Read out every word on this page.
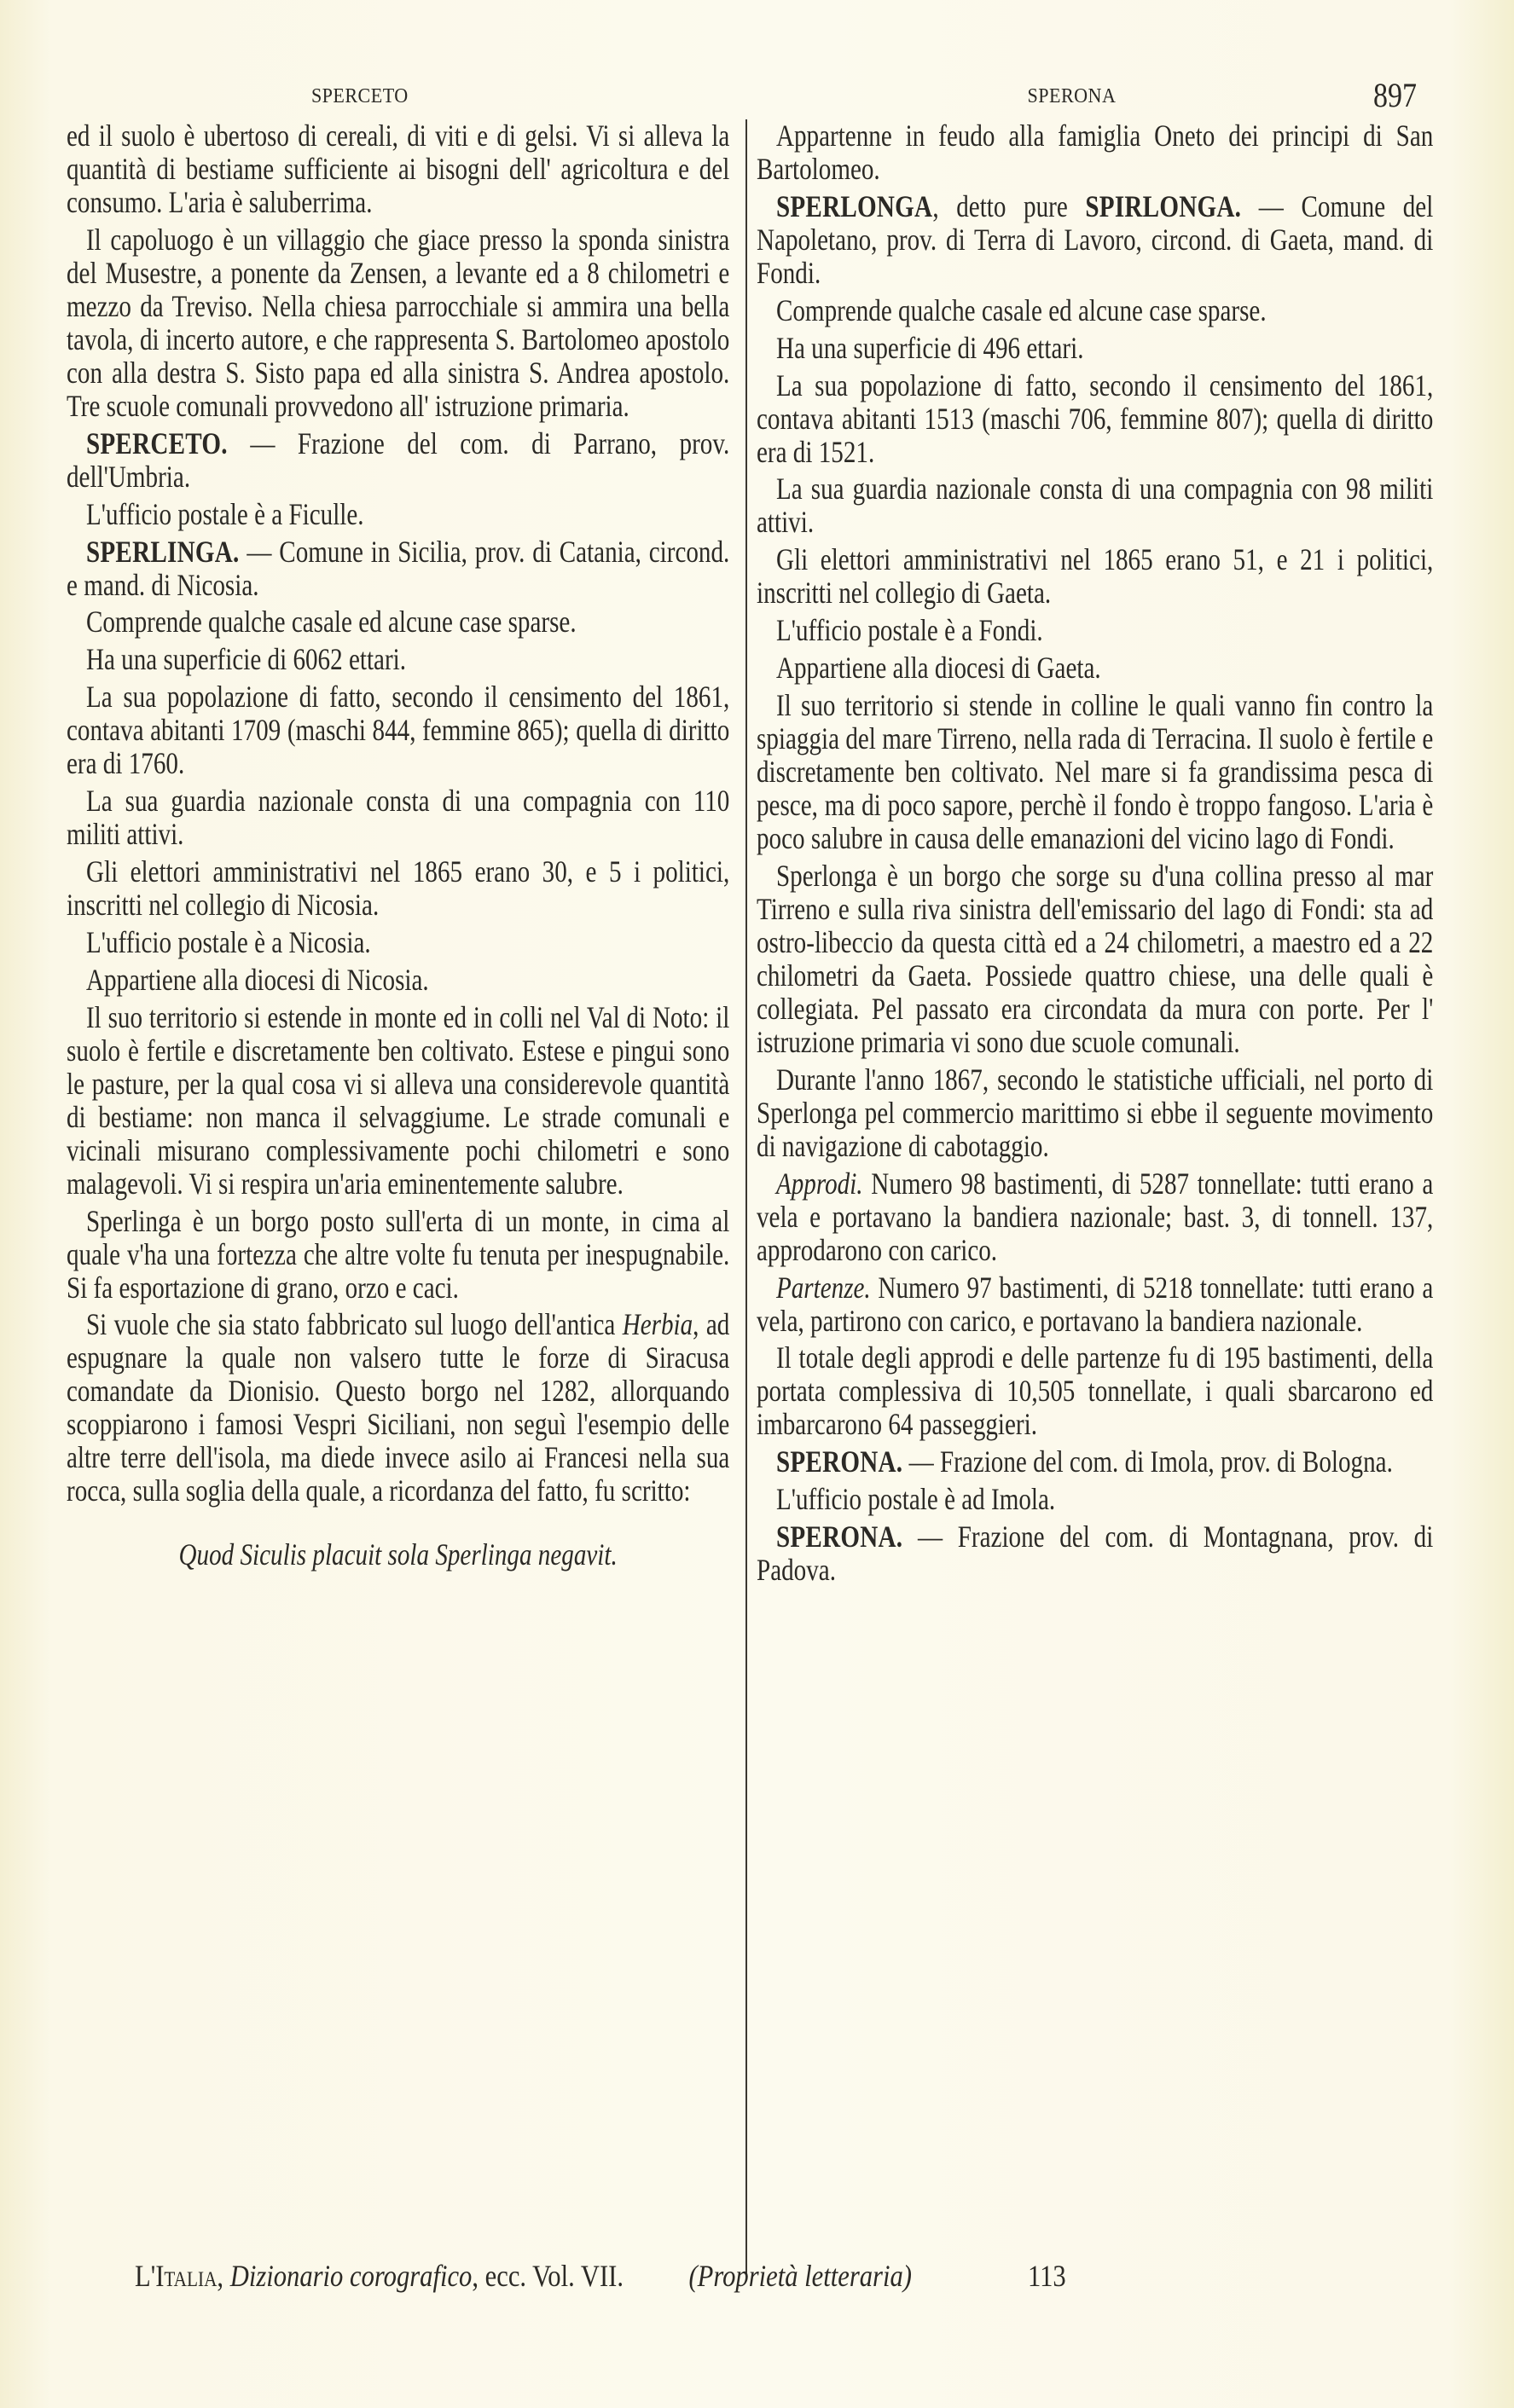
SPERCETO	SPERONA	897

ed il suolo è ubertoso di cereali, di viti e di gelsi. Vi si alleva la quantità di bestiame sufficiente ai bisogni dell' agricoltura e del consumo. L'aria è saluberrima.

Il capoluogo è un villaggio che giace presso la sponda sinistra del Musestre, a ponente da Zensen, a levante ed a 8 chilometri e mezzo da Treviso. Nella chiesa parrocchiale si ammira una bella tavola, di incerto autore, e che rappresenta S. Bartolomeo apostolo con alla destra S. Sisto papa ed alla sinistra S. Andrea apostolo. Tre scuole comunali provvedono all' istruzione primaria.

SPERCETO. — Frazione del com. di Parrano, prov. dell'Umbria.

L'ufficio postale è a Ficulle.

SPERLINGA. — Comune in Sicilia, prov. di Catania, circond. e mand. di Nicosia.

Comprende qualche casale ed alcune case sparse.

Ha una superficie di 6062 ettari.

La sua popolazione di fatto, secondo il censimento del 1861, contava abitanti 1709 (maschi 844, femmine 865); quella di diritto era di 1760.

La sua guardia nazionale consta di una compagnia con 110 militi attivi.

Gli elettori amministrativi nel 1865 erano 30, e 5 i politici, inscritti nel collegio di Nicosia.

L'ufficio postale è a Nicosia.

Appartiene alla diocesi di Nicosia.

Il suo territorio si estende in monte ed in colli nel Val di Noto: il suolo è fertile e discretamente ben coltivato. Estese e pingui sono le pasture, per la qual cosa vi si alleva una considerevole quantità di bestiame: non manca il selvaggiume. Le strade comunali e vicinali misurano complessivamente pochi chilometri e sono malagevoli. Vi si respira un'aria eminentemente salubre.

Sperlinga è un borgo posto sull'erta di un monte, in cima al quale v'ha una fortezza che altre volte fu tenuta per inespugnabile. Si fa esportazione di grano, orzo e caci.

Si vuole che sia stato fabbricato sul luogo dell'antica Herbia, ad espugnare la quale non valsero tutte le forze di Siracusa comandate da Dionisio. Questo borgo nel 1282, allorquando scoppiarono i famosi Vespri Siciliani, non seguì l'esempio delle altre terre dell'isola, ma diede invece asilo ai Francesi nella sua rocca, sulla soglia della quale, a ricordanza del fatto, fu scritto:

Quod Siculis placuit sola Sperlinga negavit.

Appartenne in feudo alla famiglia Oneto dei principi di San Bartolomeo.

SPERLONGA, detto pure SPIRLONGA. — Comune del Napoletano, prov. di Terra di Lavoro, circond. di Gaeta, mand. di Fondi.

Comprende qualche casale ed alcune case sparse.

Ha una superficie di 496 ettari.

La sua popolazione di fatto, secondo il censimento del 1861, contava abitanti 1513 (maschi 706, femmine 807); quella di diritto era di 1521.

La sua guardia nazionale consta di una compagnia con 98 militi attivi.

Gli elettori amministrativi nel 1865 erano 51, e 21 i politici, inscritti nel collegio di Gaeta.

L'ufficio postale è a Fondi.

Appartiene alla diocesi di Gaeta.

Il suo territorio si stende in colline le quali vanno fin contro la spiaggia del mare Tirreno, nella rada di Terracina. Il suolo è fertile e discretamente ben coltivato. Nel mare si fa grandissima pesca di pesce, ma di poco sapore, perchè il fondo è troppo fangoso. L'aria è poco salubre in causa delle emanazioni del vicino lago di Fondi.

Sperlonga è un borgo che sorge su d'una collina presso al mar Tirreno e sulla riva sinistra dell'emissario del lago di Fondi: sta ad ostro-libeccio da questa città ed a 24 chilometri, a maestro ed a 22 chilometri da Gaeta. Possiede quattro chiese, una delle quali è collegiata. Pel passato era circondata da mura con porte. Per l' istruzione primaria vi sono due scuole comunali.

Durante l'anno 1867, secondo le statistiche ufficiali, nel porto di Sperlonga pel commercio marittimo si ebbe il seguente movimento di navigazione di cabotaggio.

Approdi. Numero 98 bastimenti, di 5287 tonnellate: tutti erano a vela e portavano la bandiera nazionale; bast. 3, di tonnell. 137, approdarono con carico.

Partenze. Numero 97 bastimenti, di 5218 tonnellate: tutti erano a vela, partirono con carico, e portavano la bandiera nazionale.

Il totale degli approdi e delle partenze fu di 195 bastimenti, della portata complessiva di 10,505 tonnellate, i quali sbarcarono ed imbarcarono 64 passeggieri.

SPERONA. — Frazione del com. di Imola, prov. di Bologna.

L'ufficio postale è ad Imola.

SPERONA. — Frazione del com. di Montagnana, prov. di Padova.

L'Italia, Dizionario corografico, ecc. Vol. VII. (Proprietà letteraria)	113
